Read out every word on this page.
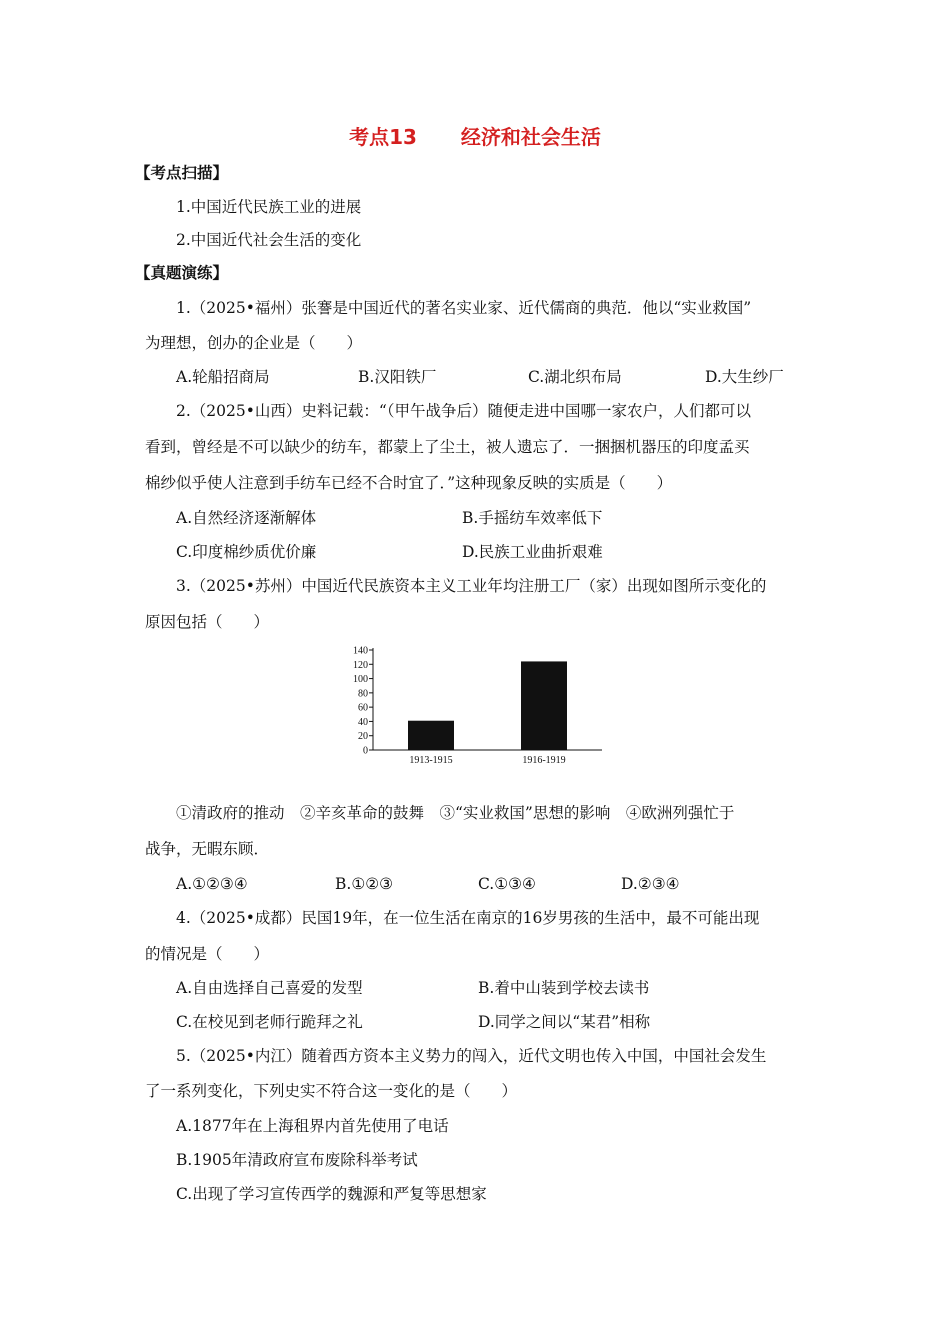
考点13 经济和社会生活
【考点扫描】
1.中国近代民族工业的进展
2.中国近代社会生活的变化
【真题演练】
1.（2025•福州）张謇是中国近代的著名实业家、近代儒商的典范．他以“实业救国”
为理想，创办的企业是（　　）
A.轮船招商局	B.汉阳铁厂	C.湖北织布局	D.大生纱厂
2.（2025•山西）史料记载：“（甲午战争后）随便走进中国哪一家农户，人们都可以
看到，曾经是不可以缺少的纺车，都蒙上了尘土，被人遗忘了．一捆捆机器压的印度孟买
棉纱似乎使人注意到手纺车已经不合时宜了．”这种现象反映的实质是（　　）
A.自然经济逐渐解体	B.手摇纺车效率低下
C.印度棉纱质优价廉	D.民族工业曲折艰难
3.（2025•苏州）中国近代民族资本主义工业年均注册工厂（家）出现如图所示变化的
原因包括（　　）
0
20
40
60
80
100
120
140
1913-1915	1916-1919
①清政府的推动　②辛亥革命的鼓舞　③“实业救国”思想的影响　④欧洲列强忙于
战争，无暇东顾．
A.①②③④	B.①②③	C.①③④	D.②③④
4.（2025•成都）民国19年，在一位生活在南京的16岁男孩的生活中，最不可能出现
的情况是（　　）
A.自由选择自己喜爱的发型	B.着中山装到学校去读书
C.在校见到老师行跪拜之礼	D.同学之间以“某君”相称
5.（2025•内江）随着西方资本主义势力的闯入，近代文明也传入中国，中国社会发生
了一系列变化，下列史实不符合这一变化的是（　　）
A.1877年在上海租界内首先使用了电话
B.1905年清政府宣布废除科举考试
C.出现了学习宣传西学的魏源和严复等思想家
